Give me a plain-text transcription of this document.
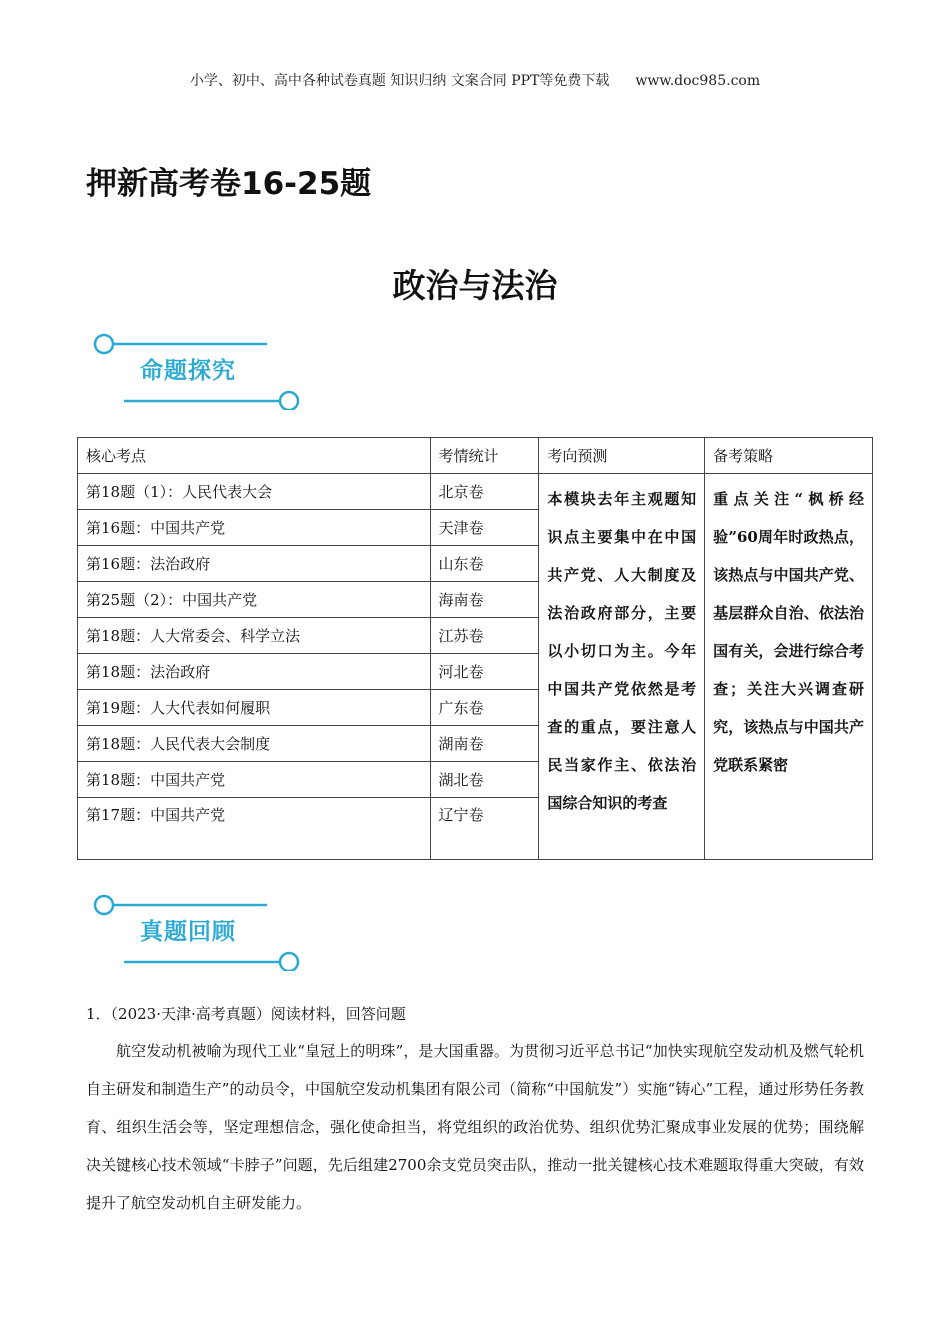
小学、初中、高中各种试卷真题 知识归纳 文案合同 PPT等免费下载 www.doc985.com
押新高考卷16-25题
政治与法治
命题探究
真题回顾
核心考点	考情统计	考向预测	备考策略
第18题（1）：人民代表大会	北京卷	本模块去年主观题知识点主要集中在中国共产党、人大制度及法治政府部分，主要以小切口为主。今年中国共产党依然是考查的重点，要注意人民当家作主、依法治国综合知识的考查	重点关注“枫桥经验”60周年时政热点，该热点与中国共产党、基层群众自治、依法治国有关，会进行综合考查；关注大兴调查研究，该热点与中国共产党联系紧密
第16题：中国共产党	天津卷		
第16题：法治政府	山东卷		
第25题（2）：中国共产党	海南卷		
第18题：人大常委会、科学立法	江苏卷		
第18题：法治政府	河北卷		
第19题：人大代表如何履职	广东卷		
第18题：人民代表大会制度	湖南卷		
第18题：中国共产党	湖北卷		
第17题：中国共产党	辽宁卷		
1．（2023·天津·高考真题）阅读材料，回答问题
航空发动机被喻为现代工业“皇冠上的明珠”，是大国重器。为贯彻习近平总书记“加快实现航空发动机及燃气轮机自主研发和制造生产”的动员令，中国航空发动机集团有限公司（简称“中国航发”）实施“铸心”工程，通过形势任务教育、组织生活会等，坚定理想信念，强化使命担当，将党组织的政治优势、组织优势汇聚成事业发展的优势；围绕解决关键核心技术领域“卡脖子”问题，先后组建2700余支党员突击队，推动一批关键核心技术难题取得重大突破，有效提升了航空发动机自主研发能力。
